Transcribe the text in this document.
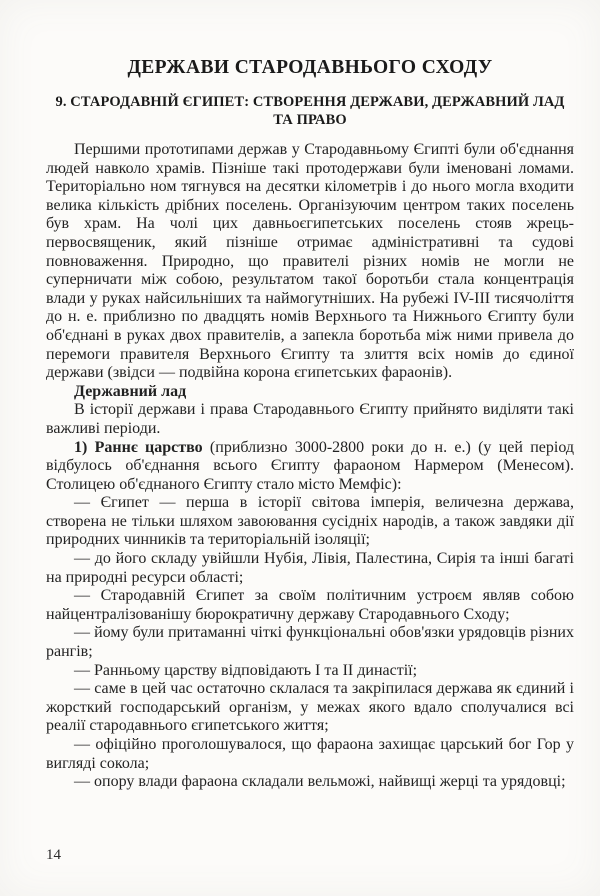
ДЕРЖАВИ СТАРОДАВНЬОГО СХОДУ
9. СТАРОДАВНІЙ ЄГИПЕТ: СТВОРЕННЯ ДЕРЖАВИ, ДЕРЖАВНИЙ ЛАД ТА ПРАВО

Першими прототипами держав у Стародавньому Єгипті були об'єднання людей навколо храмів. Пізніше такі протодержави були іменовані ломами. Територіально ном тягнувся на десятки кілометрів і до нього могла входити велика кількість дрібних поселень. Організуючим центром таких поселень був храм. На чолі цих давньоєгипетських поселень стояв жрець-первосвященик, який пізніше отримає адміністративні та судові повноваження. Природно, що правителі різних номів не могли не суперничати між собою, результатом такої боротьби стала концентрація влади у руках найсильніших та наймогутніших. На рубежі IV-III тисячоліття до н. е. приблизно по двадцять номів Верхнього та Нижнього Єгипту були об'єднані в руках двох правителів, а запекла боротьба між ними привела до перемоги правителя Верхнього Єгипту та злиття всіх номів до єдиної держави (звідси — подвійна корона єгипетських фараонів).

Державний лад

В історії держави і права Стародавнього Єгипту прийнято виділяти такі важливі періоди.

1) Раннє царство (приблизно 3000-2800 роки до н. е.) (у цей період відбулось об'єднання всього Єгипту фараоном Нармером (Менесом). Столицею об'єднаного Єгипту стало місто Мемфіс):

— Єгипет — перша в історії світова імперія, величезна держава, створена не тільки шляхом завоювання сусідніх народів, а також завдяки дії природних чинників та територіальній ізоляції;

— до його складу увійшли Нубія, Лівія, Палестина, Сирія та інші багаті на природні ресурси області;

— Стародавній Єгипет за своїм політичним устроєм являв собою найцентралізованішу бюрократичну державу Стародавнього Сходу;

— йому були притаманні чіткі функціональні обов'язки урядовців різних рангів;

— Ранньому царству відповідають I та II династії;

— саме в цей час остаточно склалася та закріпилася держава як єдиний і жорсткий господарський організм, у межах якого вдало сполучалися всі реалії стародавнього єгипетського життя;

— офіційно проголошувалося, що фараона захищає царський бог Гор у вигляді сокола;

— опору влади фараона складали вельможі, найвищі жерці та урядовці;

14
